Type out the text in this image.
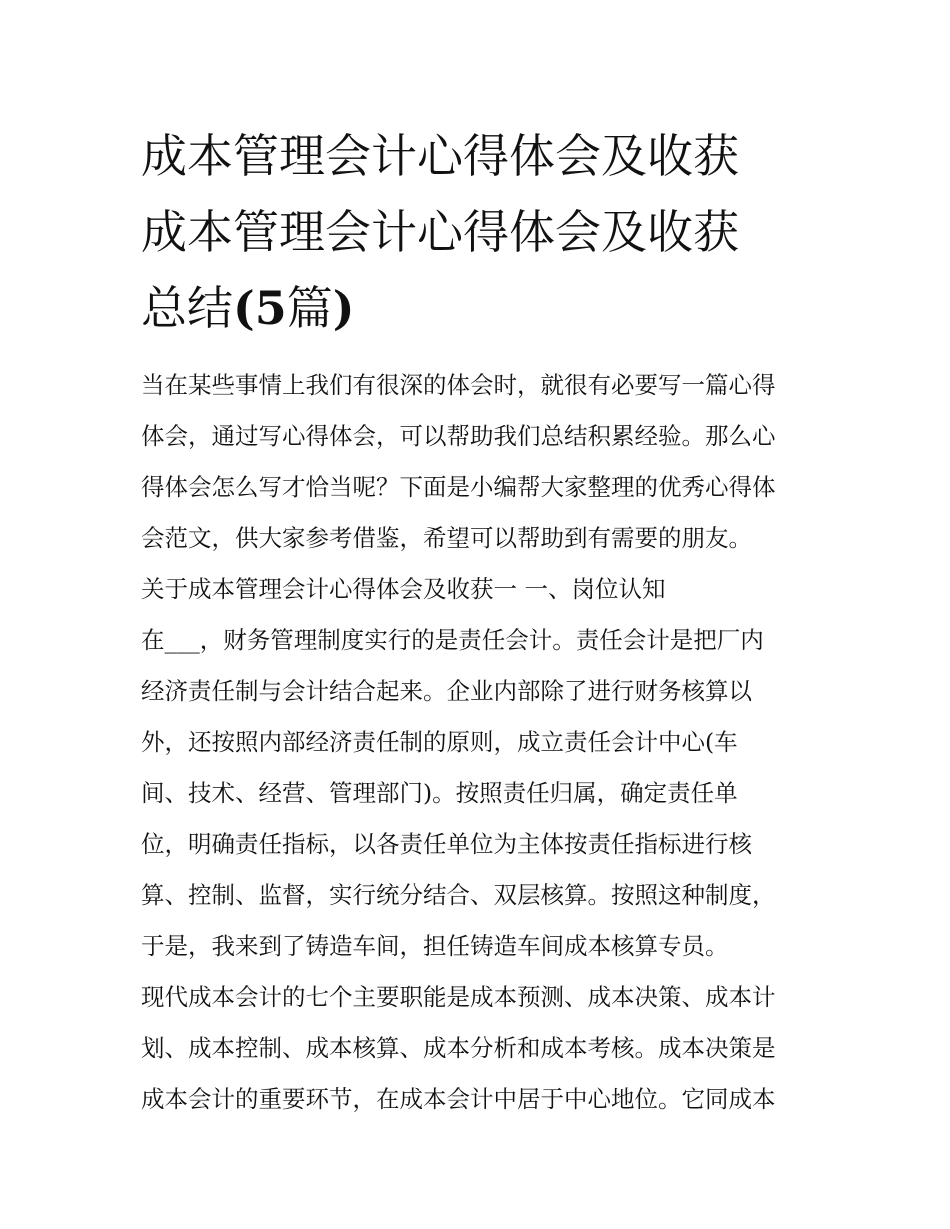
成本管理会计心得体会及收获
成本管理会计心得体会及收获
总结(5篇)
当在某些事情上我们有很深的体会时，就很有必要写一篇心得
体会，通过写心得体会，可以帮助我们总结积累经验。那么心
得体会怎么写才恰当呢？下面是小编帮大家整理的优秀心得体
会范文，供大家参考借鉴，希望可以帮助到有需要的朋友。
关于成本管理会计心得体会及收获一 一、岗位认知
在___，财务管理制度实行的是责任会计。责任会计是把厂内
经济责任制与会计结合起来。企业内部除了进行财务核算以
外，还按照内部经济责任制的原则，成立责任会计中心(车
间、技术、经营、管理部门)。按照责任归属，确定责任单
位，明确责任指标，以各责任单位为主体按责任指标进行核
算、控制、监督，实行统分结合、双层核算。按照这种制度，
于是，我来到了铸造车间，担任铸造车间成本核算专员。
现代成本会计的七个主要职能是成本预测、成本决策、成本计
划、成本控制、成本核算、成本分析和成本考核。成本决策是
成本会计的重要环节，在成本会计中居于中心地位。它同成本
